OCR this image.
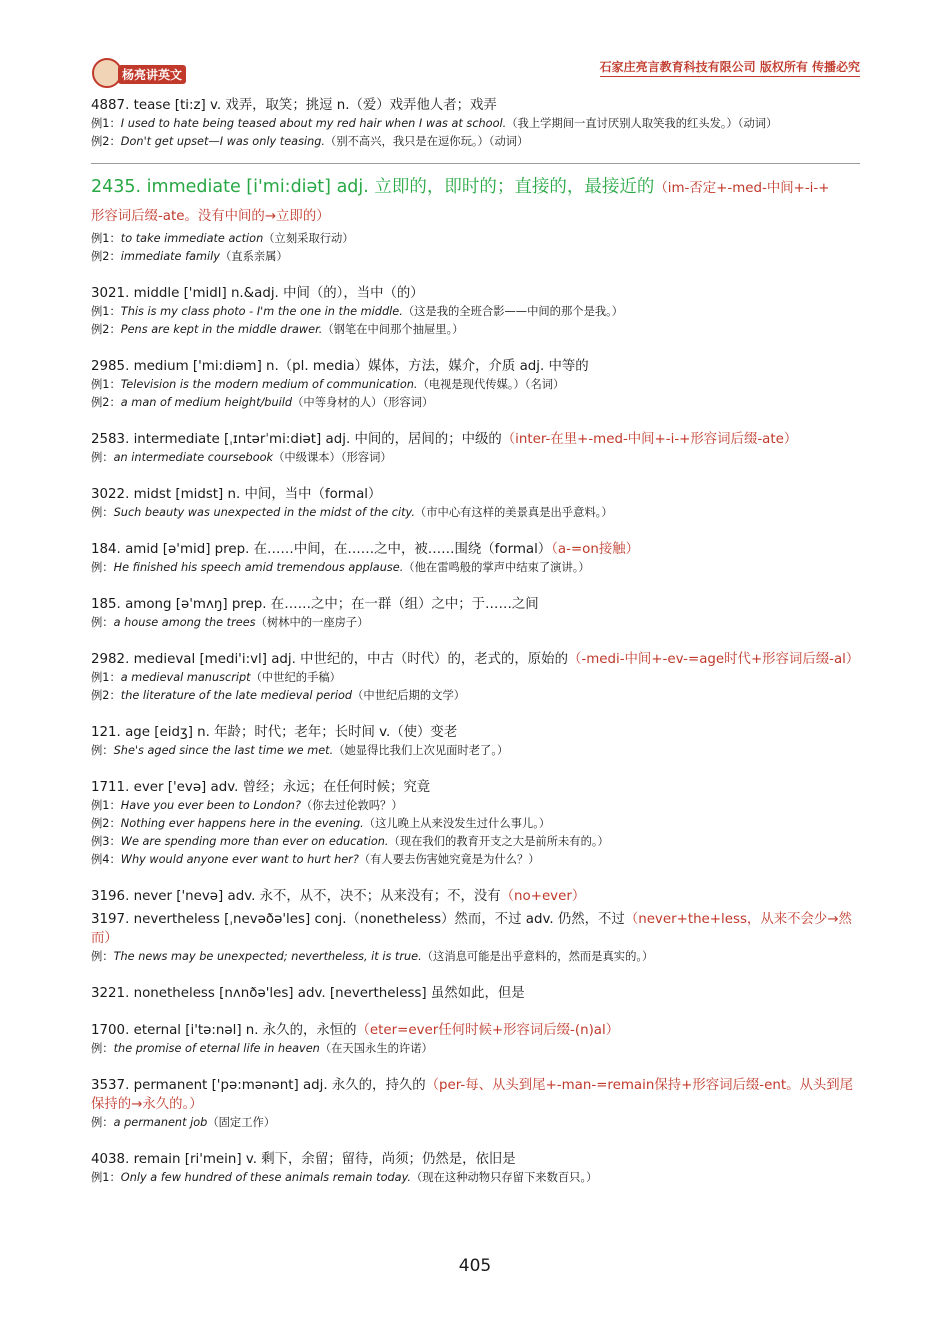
杨亮讲英文
石家庄亮言教育科技有限公司 版权所有 传播必究
4887. tease [ti:z] v. 戏弄，取笑；挑逗 n.（爱）戏弄他人者；戏弄
例1：I used to hate being teased about my red hair when I was at school.（我上学期间一直讨厌别人取笑我的红头发。）（动词）
例2：Don't get upset—I was only teasing.（别不高兴，我只是在逗你玩。）（动词）
2435. immediate [i'mi:diət] adj. 立即的，即时的；直接的，最接近的（im-否定+-med-中间+-i-+
形容词后缀-ate。没有中间的→立即的）
例1：to take immediate action（立刻采取行动）
例2：immediate family（直系亲属）
3021. middle ['midl] n.&adj. 中间（的），当中（的）
例1：This is my class photo - I'm the one in the middle.（这是我的全班合影——中间的那个是我。）
例2：Pens are kept in the middle drawer.（钢笔在中间那个抽屉里。）
2985. medium ['mi:diəm] n.（pl. media）媒体，方法，媒介，介质 adj. 中等的
例1：Television is the modern medium of communication.（电视是现代传媒。）（名词）
例2：a man of medium height/build（中等身材的人）（形容词）
2583. intermediate [ˌɪntərˈmi:diət] adj. 中间的，居间的；中级的（inter-在里+-med-中间+-i-+形容词后缀-ate）
例：an intermediate coursebook（中级课本）（形容词）
3022. midst [midst] n. 中间，当中（formal）
例：Such beauty was unexpected in the midst of the city.（市中心有这样的美景真是出乎意料。）
184. amid [ə'mid] prep. 在……中间，在……之中，被……围绕（formal）（a-=on接触）
例：He finished his speech amid tremendous applause.（他在雷鸣般的掌声中结束了演讲。）
185. among [ə'mʌŋ] prep. 在……之中；在一群（组）之中；于……之间
例：a house among the trees（树林中的一座房子）
2982. medieval [medi'i:vl] adj. 中世纪的，中古（时代）的，老式的，原始的（-medi-中间+-ev-=age时代+形容词后缀-al）
例1：a medieval manuscript（中世纪的手稿）
例2：the literature of the late medieval period（中世纪后期的文学）
121. age [eidʒ] n. 年龄；时代；老年；长时间 v.（使）变老
例：She's aged since the last time we met.（她显得比我们上次见面时老了。）
1711. ever ['evə] adv. 曾经；永远；在任何时候；究竟
例1：Have you ever been to London?（你去过伦敦吗？）
例2：Nothing ever happens here in the evening.（这儿晚上从来没发生过什么事儿。）
例3：We are spending more than ever on education.（现在我们的教育开支之大是前所未有的。）
例4：Why would anyone ever want to hurt her?（有人要去伤害她究竟是为什么？）
3196. never ['nevə] adv. 永不，从不，决不；从来没有；不，没有（no+ever）
3197. nevertheless [ˌnevəðə'les] conj.（nonetheless）然而，不过 adv. 仍然，不过（never+the+less，从来不会少→然而）
例：The news may be unexpected; nevertheless, it is true.（这消息可能是出乎意料的，然而是真实的。）
3221. nonetheless [nʌnðə'les] adv. [nevertheless] 虽然如此，但是
1700. eternal [i'tə:nəl] n. 永久的，永恒的（eter=ever任何时候+形容词后缀-(n)al）
例：the promise of eternal life in heaven（在天国永生的许诺）
3537. permanent ['pə:mənənt] adj. 永久的，持久的（per-每、从头到尾+-man-=remain保持+形容词后缀-ent。从头到尾保持的→永久的。）
例：a permanent job（固定工作）
4038. remain [ri'mein] v. 剩下，余留；留待，尚须；仍然是，依旧是
例1：Only a few hundred of these animals remain today.（现在这种动物只存留下来数百只。）
405
